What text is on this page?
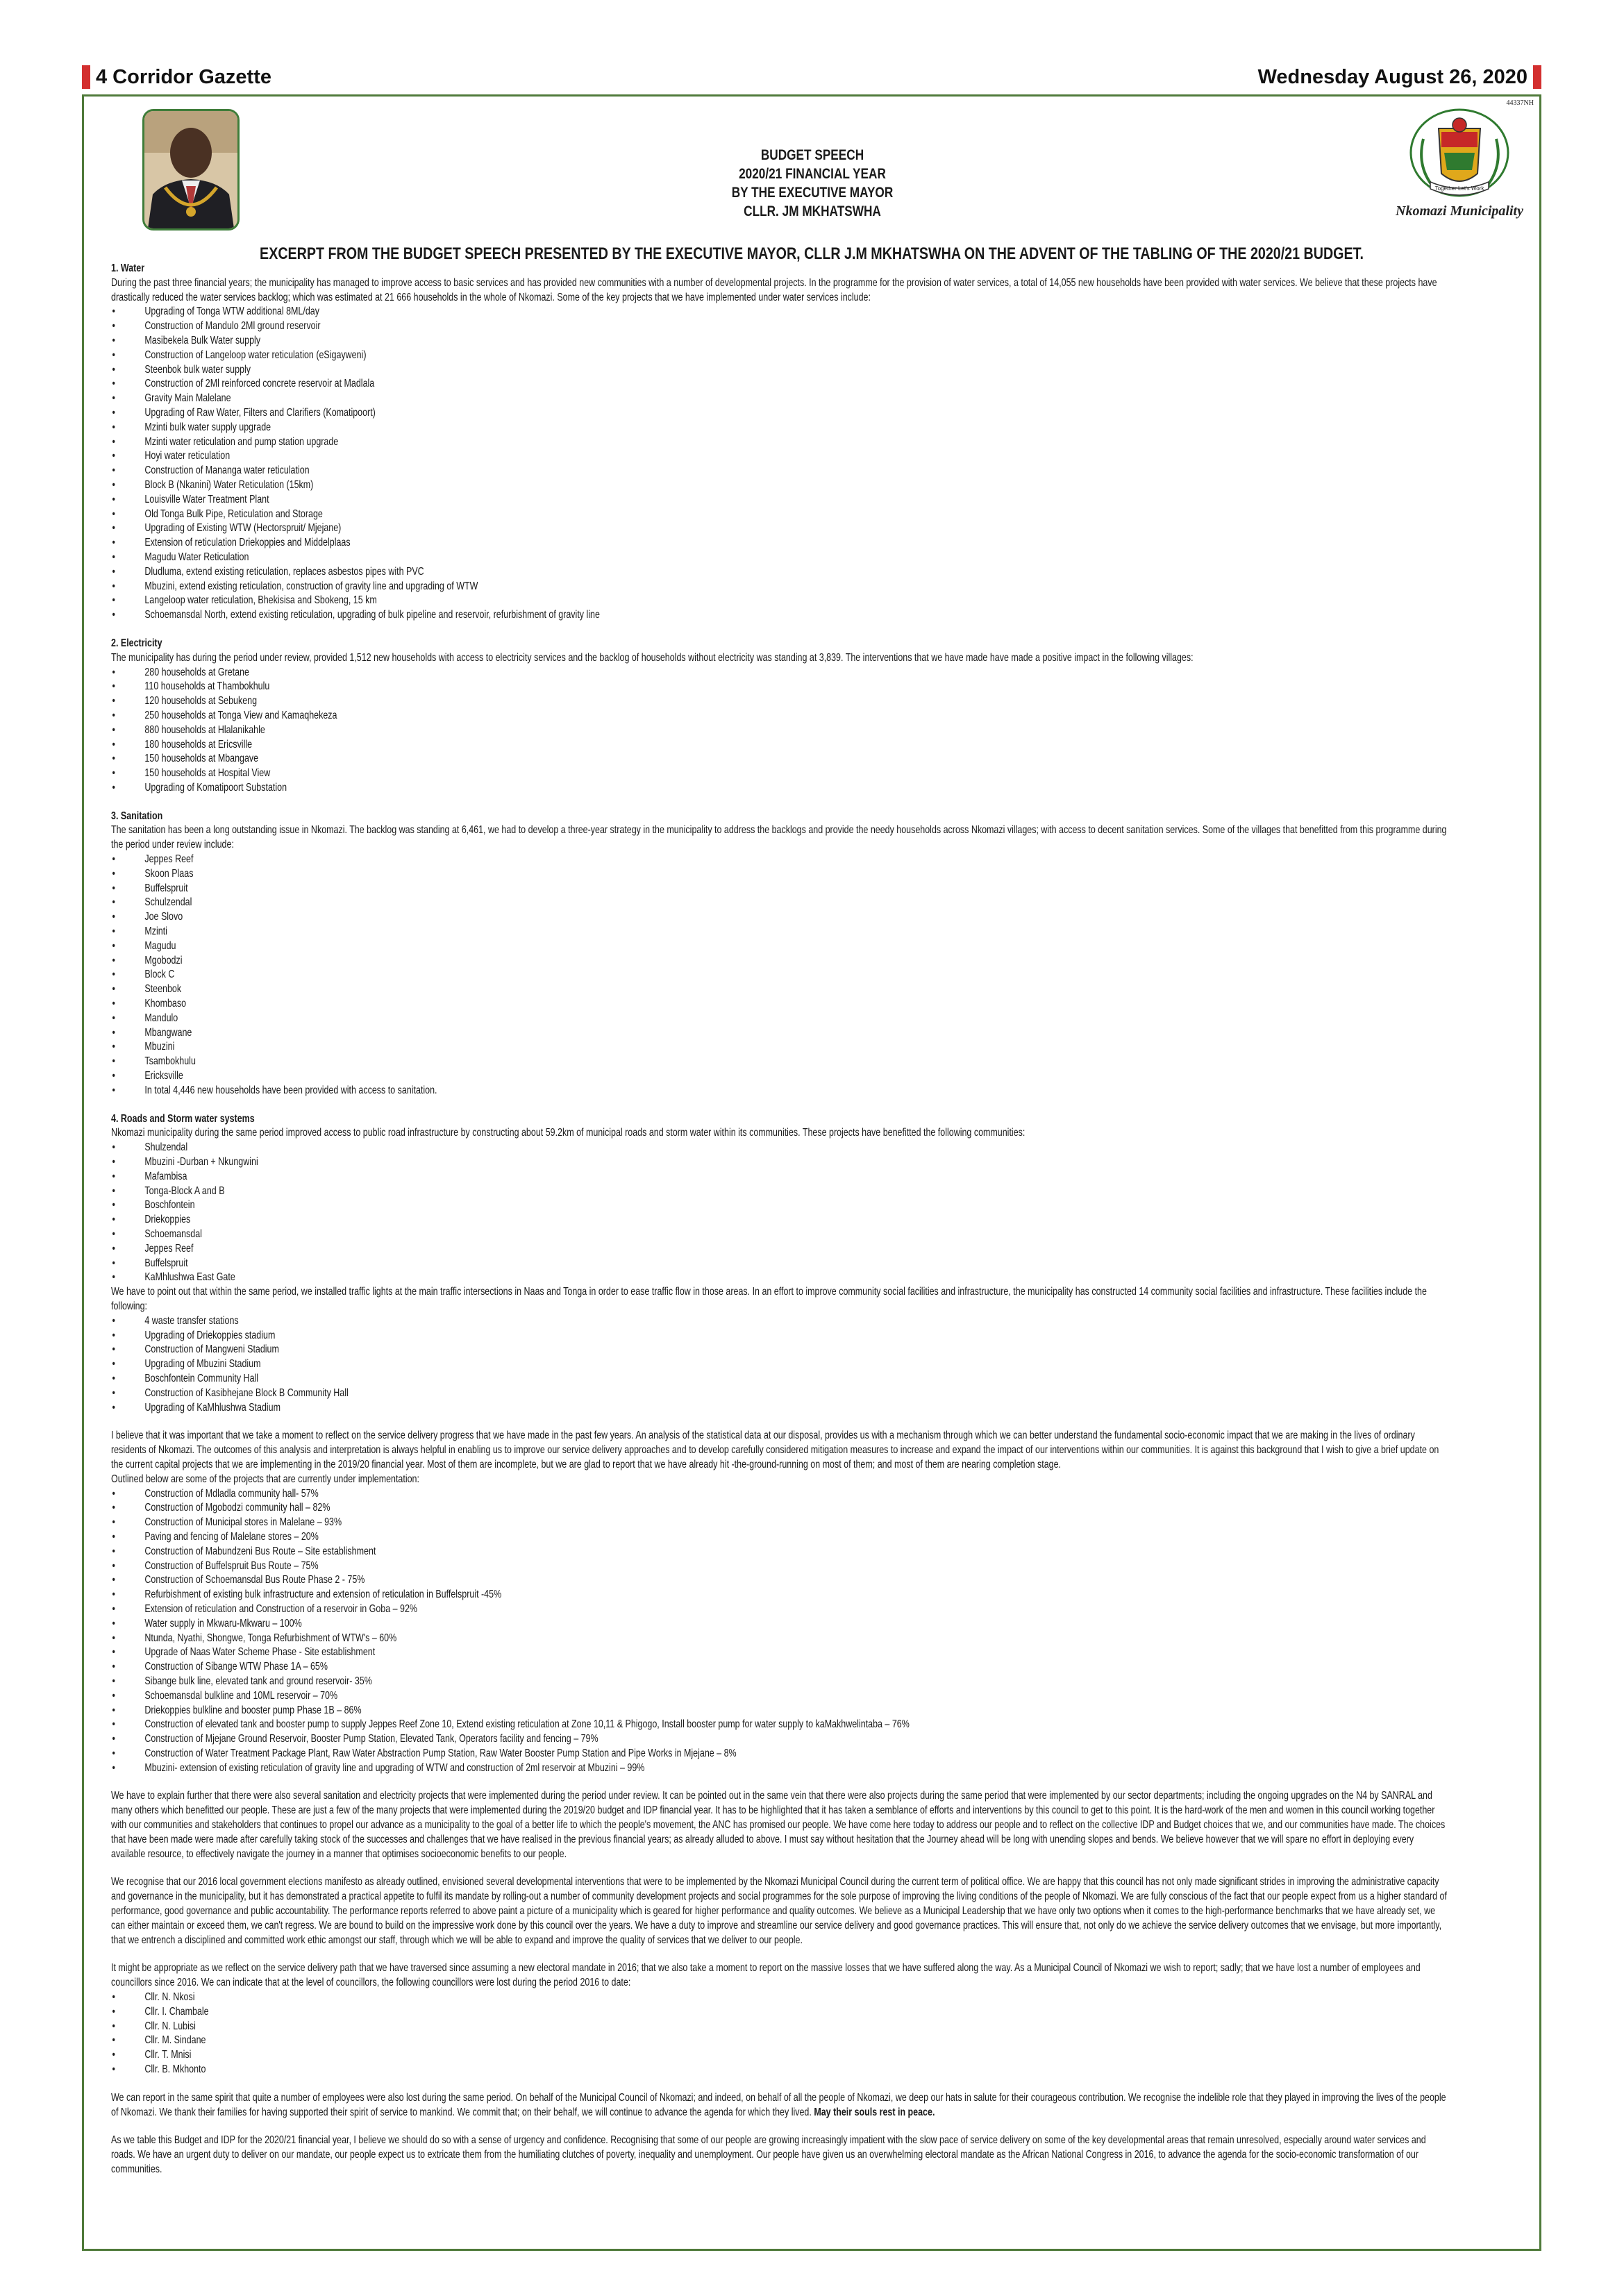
4 Corridor Gazette	Wednesday August 26, 2020
44337NH
Together Let's Work
Nkomazi Municipality
BUDGET SPEECH
2020/21 FINANCIAL YEAR
BY THE EXECUTIVE MAYOR
CLLR. JM MKHATSWHA
EXCERPT FROM THE BUDGET SPEECH PRESENTED BY THE EXECUTIVE MAYOR, CLLR J.M MKHATSWHA ON THE ADVENT OF THE TABLING OF THE 2020/21 BUDGET.

1. Water

During the past three financial years; the municipality has managed to improve access to basic services and has provided new communities with a number of developmental projects. In the programme for the provision of water services, a total of 14,055 new households have been provided with water services. We believe that these projects have drastically reduced the water services backlog; which was estimated at 21 666 households in the whole of Nkomazi. Some of the key projects that we have implemented under water services include:

• Upgrading of Tonga WTW additional 8ML/day
• Construction of Mandulo 2Ml ground reservoir
• Masibekela Bulk Water supply
• Construction of Langeloop water reticulation (eSigayweni)
• Steenbok bulk water supply
• Construction of 2Ml reinforced concrete reservoir at Madlala
• Gravity Main Malelane
• Upgrading of Raw Water, Filters and Clarifiers (Komatipoort)
• Mzinti bulk water supply upgrade
• Mzinti water reticulation and pump station upgrade
• Hoyi water reticulation
• Construction of Mananga water reticulation
• Block B (Nkanini) Water Reticulation (15km)
• Louisville Water Treatment Plant
• Old Tonga Bulk Pipe, Reticulation and Storage
• Upgrading of Existing WTW (Hectorspruit/ Mjejane)
• Extension of reticulation Driekoppies and Middelplaas
• Magudu Water Reticulation
• Dludluma, extend existing reticulation, replaces asbestos pipes with PVC
• Mbuzini, extend existing reticulation, construction of gravity line and upgrading of WTW
• Langeloop water reticulation, Bhekisisa and Sbokeng, 15 km
• Schoemansdal North, extend existing reticulation, upgrading of bulk pipeline and reservoir, refurbishment of gravity line

2. Electricity

The municipality has during the period under review, provided 1,512 new households with access to electricity services and the backlog of households without electricity was standing at 3,839. The interventions that we have made have made a positive impact in the following villages:

• 280 households at Gretane
• 110 households at Thambokhulu
• 120 households at Sebukeng
• 250 households at Tonga View and Kamaqhekeza
• 880 households at Hlalanikahle
• 180 households at Ericsville
• 150 households at Mbangave
• 150 households at Hospital View
• Upgrading of Komatipoort Substation

3. Sanitation

The sanitation has been a long outstanding issue in Nkomazi. The backlog was standing at 6,461, we had to develop a three-year strategy in the municipality to address the backlogs and provide the needy households across Nkomazi villages; with access to decent sanitation services. Some of the villages that benefitted from this programme during the period under review include:

• Jeppes Reef
• Skoon Plaas
• Buffelspruit
• Schulzendal
• Joe Slovo
• Mzinti
• Magudu
• Mgobodzi
• Block C
• Steenbok
• Khombaso
• Mandulo
• Mbangwane
• Mbuzini
• Tsambokhulu
• Ericksville
• In total 4,446 new households have been provided with access to sanitation.

4. Roads and Storm water systems

Nkomazi municipality during the same period improved access to public road infrastructure by constructing about 59.2km of municipal roads and storm water within its communities. These projects have benefitted the following communities:

• Shulzendal
• Mbuzini -Durban + Nkungwini
• Mafambisa
• Tonga-Block A and B
• Boschfontein
• Driekoppies
• Schoemansdal
• Jeppes Reef
• Buffelspruit
• KaMhlushwa East Gate

We have to point out that within the same period, we installed traffic lights at the main traffic intersections in Naas and Tonga in order to ease traffic flow in those areas. In an effort to improve community social facilities and infrastructure, the municipality has constructed 14 community social facilities and infrastructure. These facilities include the following:

• 4 waste transfer stations
• Upgrading of Driekoppies stadium
• Construction of Mangweni Stadium
• Upgrading of Mbuzini Stadium
• Boschfontein Community Hall
• Construction of Kasibhejane Block B Community Hall
• Upgrading of KaMhlushwa Stadium

I believe that it was important that we take a moment to reflect on the service delivery progress that we have made in the past few years. An analysis of the statistical data at our disposal, provides us with a mechanism through which we can better understand the fundamental socio-economic impact that we are making in the lives of ordinary residents of Nkomazi. The outcomes of this analysis and interpretation is always helpful in enabling us to improve our service delivery approaches and to develop carefully considered mitigation measures to increase and expand the impact of our interventions within our communities. It is against this background that I wish to give a brief update on the current capital projects that we are implementing in the 2019/20 financial year. Most of them are incomplete, but we are glad to report that we have already hit -the-ground-running on most of them; and most of them are nearing completion stage.

Outlined below are some of the projects that are currently under implementation:

• Construction of Mdladla community hall- 57%
• Construction of Mgobodzi community hall – 82%
• Construction of Municipal stores in Malelane – 93%
• Paving and fencing of Malelane stores – 20%
• Construction of Mabundzeni Bus Route – Site establishment
• Construction of Buffelspruit Bus Route – 75%
• Construction of Schoemansdal Bus Route Phase 2 - 75%
• Refurbishment of existing bulk infrastructure and extension of reticulation in Buffelspruit -45%
• Extension of reticulation and Construction of a reservoir in Goba – 92%
• Water supply in Mkwaru-Mkwaru – 100%
• Ntunda, Nyathi, Shongwe, Tonga Refurbishment of WTW's – 60%
• Upgrade of Naas Water Scheme Phase - Site establishment
• Construction of Sibange WTW Phase 1A – 65%
• Sibange bulk line, elevated tank and ground reservoir- 35%
• Schoemansdal bulkline and 10ML reservoir – 70%
• Driekoppies bulkline and booster pump Phase 1B – 86%
• Construction of elevated tank and booster pump to supply Jeppes Reef Zone 10, Extend existing reticulation at Zone 10,11 & Phigogo, Install booster pump for water supply to kaMakhwelintaba – 76%
• Construction of Mjejane Ground Reservoir, Booster Pump Station, Elevated Tank, Operators facility and fencing – 79%
• Construction of Water Treatment Package Plant, Raw Water Abstraction Pump Station, Raw Water Booster Pump Station and Pipe Works in Mjejane – 8%
• Mbuzini- extension of existing reticulation of gravity line and upgrading of WTW and construction of 2ml reservoir at Mbuzini – 99%

We have to explain further that there were also several sanitation and electricity projects that were implemented during the period under review. It can be pointed out in the same vein that there were also projects during the same period that were implemented by our sector departments; including the ongoing upgrades on the N4 by SANRAL and many others which benefitted our people. These are just a few of the many projects that were implemented during the 2019/20 budget and IDP financial year. It has to be highlighted that it has taken a semblance of efforts and interventions by this council to get to this point. It is the hard-work of the men and women in this council working together with our communities and stakeholders that continues to propel our advance as a municipality to the goal of a better life to which the people's movement, the ANC has promised our people. We have come here today to address our people and to reflect on the collective IDP and Budget choices that we, and our communities have made. The choices that have been made were made after carefully taking stock of the successes and challenges that we have realised in the previous financial years; as already alluded to above. I must say without hesitation that the Journey ahead will be long with unending slopes and bends. We believe however that we will spare no effort in deploying every available resource, to effectively navigate the journey in a manner that optimises socioeconomic benefits to our people.

We recognise that our 2016 local government elections manifesto as already outlined, envisioned several developmental interventions that were to be implemented by the Nkomazi Municipal Council during the current term of political office. We are happy that this council has not only made significant strides in improving the administrative capacity and governance in the municipality, but it has demonstrated a practical appetite to fulfil its mandate by rolling-out a number of community development projects and social programmes for the sole purpose of improving the living conditions of the people of Nkomazi. We are fully conscious of the fact that our people expect from us a higher standard of performance, good governance and public accountability. The performance reports referred to above paint a picture of a municipality which is geared for higher performance and quality outcomes. We believe as a Municipal Leadership that we have only two options when it comes to the high-performance benchmarks that we have already set, we can either maintain or exceed them, we can't regress. We are bound to build on the impressive work done by this council over the years. We have a duty to improve and streamline our service delivery and good governance practices. This will ensure that, not only do we achieve the service delivery outcomes that we envisage, but more importantly, that we entrench a disciplined and committed work ethic amongst our staff, through which we will be able to expand and improve the quality of services that we deliver to our people.

It might be appropriate as we reflect on the service delivery path that we have traversed since assuming a new electoral mandate in 2016; that we also take a moment to report on the massive losses that we have suffered along the way. As a Municipal Council of Nkomazi we wish to report; sadly; that we have lost a number of employees and councillors since 2016. We can indicate that at the level of councillors, the following councillors were lost during the period 2016 to date:

• Cllr. N. Nkosi
• Cllr. I. Chambale
• Cllr. N. Lubisi
• Cllr. M. Sindane
• Cllr. T. Mnisi
• Cllr. B. Mkhonto

We can report in the same spirit that quite a number of employees were also lost during the same period. On behalf of the Municipal Council of Nkomazi; and indeed, on behalf of all the people of Nkomazi, we deep our hats in salute for their courageous contribution. We recognise the indelible role that they played in improving the lives of the people of Nkomazi. We thank their families for having supported their spirit of service to mankind. We commit that; on their behalf, we will continue to advance the agenda for which they lived. May their souls rest in peace.

As we table this Budget and IDP for the 2020/21 financial year, I believe we should do so with a sense of urgency and confidence. Recognising that some of our people are growing increasingly impatient with the slow pace of service delivery on some of the key developmental areas that remain unresolved, especially around water services and roads. We have an urgent duty to deliver on our mandate, our people expect us to extricate them from the humiliating clutches of poverty, inequality and unemployment. Our people have given us an overwhelming electoral mandate as the African National Congress in 2016, to advance the agenda for the socio-economic transformation of our communities.
